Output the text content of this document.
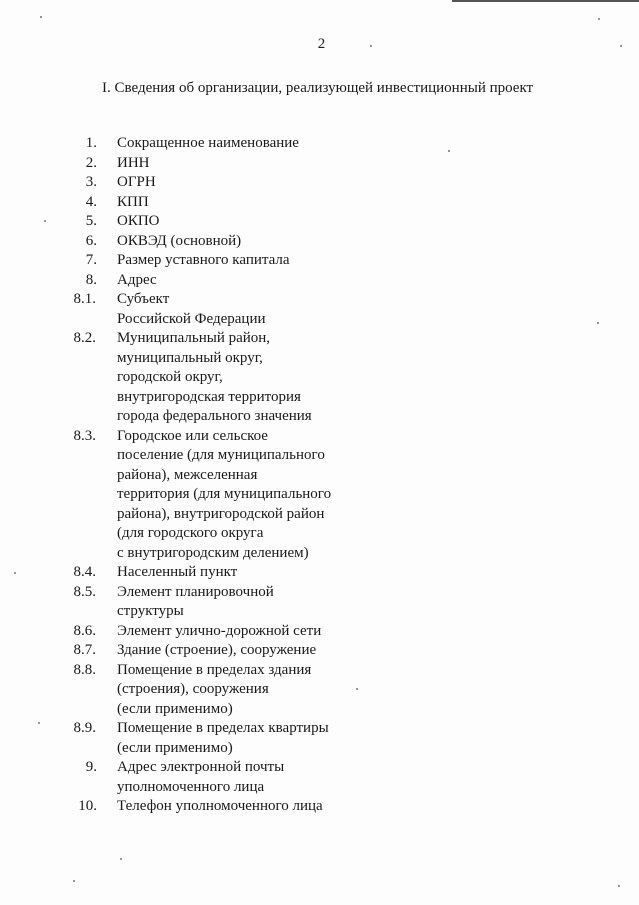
2
I. Сведения об организации, реализующей инвестиционный проект
1. Сокращенное наименование
2. ИНН
3. ОГРН
4. КПП
5. ОКПО
6. ОКВЭД (основной)
7. Размер уставного капитала
8. Адрес
8.1. Субъект
Российской Федерации
8.2. Муниципальный район,
муниципальный округ,
городской округ,
внутригородская территория
города федерального значения
8.3. Городское или сельское
поселение (для муниципального
района), межселенная
территория (для муниципального
района), внутригородской район
(для городского округа
с внутригородским делением)
8.4. Населенный пункт
8.5. Элемент планировочной
структуры
8.6. Элемент улично-дорожной сети
8.7. Здание (строение), сооружение
8.8. Помещение в пределах здания
(строения), сооружения
(если применимо)
8.9. Помещение в пределах квартиры
(если применимо)
9. Адрес электронной почты
уполномоченного лица
10. Телефон уполномоченного лица
